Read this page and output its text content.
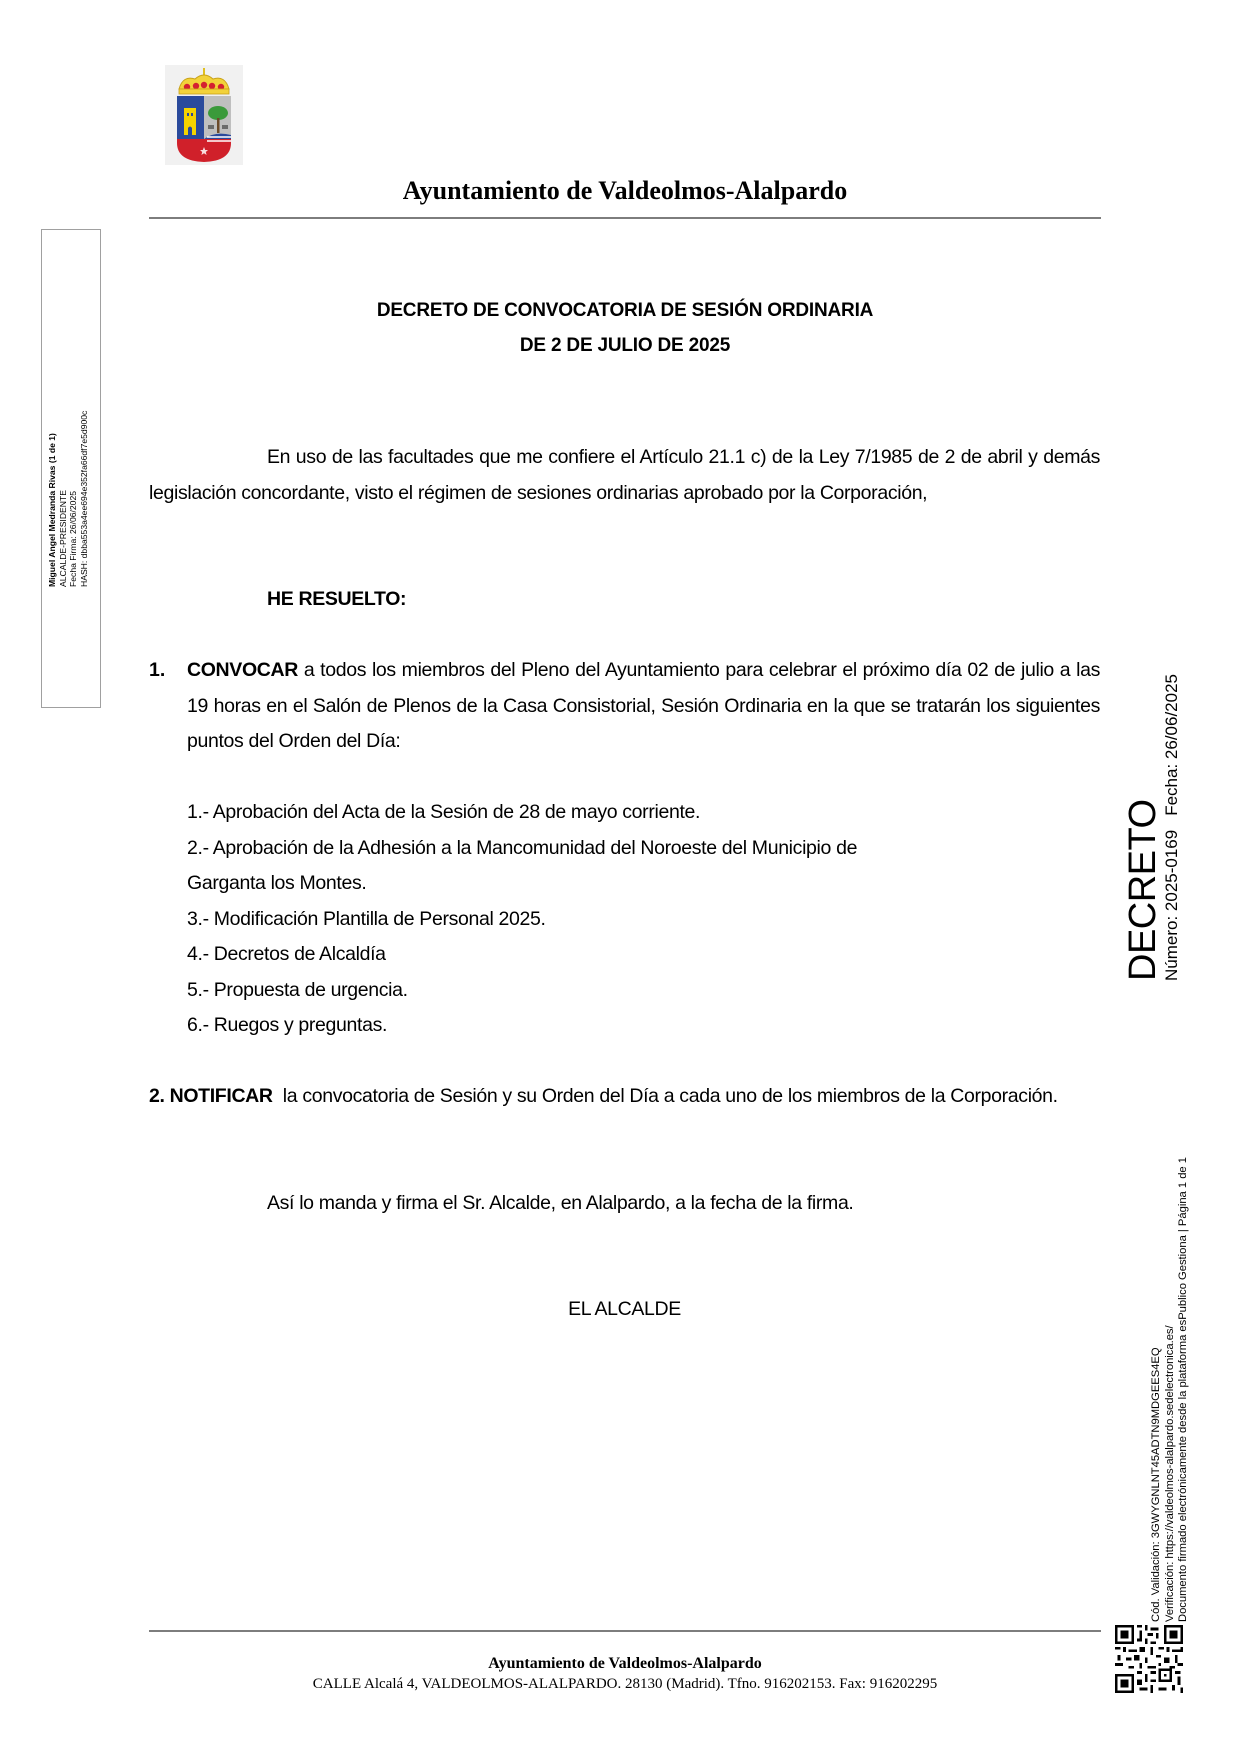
Ayuntamiento de Valdeolmos-Alalpardo
Miguel Angel Medranda Rivas (1 de 1) ALCALDE-PRESIDENTE Fecha Firma: 26/06/2025 HASH: dbba553a4ee694e352fa66df7e5d900c
DECRETO DE CONVOCATORIA DE SESIÓN ORDINARIA
DE 2 DE JULIO DE 2025
En uso de las facultades que me confiere el Artículo 21.1 c) de la Ley 7/1985 de 2 de abril y demás legislación concordante, visto el régimen de sesiones ordinarias aprobado por la Corporación,
HE RESUELTO:
1. CONVOCAR a todos los miembros del Pleno del Ayuntamiento para celebrar el próximo día 02 de julio a las 19 horas en el Salón de Plenos de la Casa Consistorial, Sesión Ordinaria en la que se tratarán los siguientes puntos del Orden del Día:
1.- Aprobación del Acta de la Sesión de 28 de mayo corriente.
2.- Aprobación de la Adhesión a la Mancomunidad del Noroeste del Municipio de
Garganta los Montes.
3.- Modificación Plantilla de Personal 2025.
4.- Decretos de Alcaldía
5.- Propuesta de urgencia.
6.- Ruegos y preguntas.
2. NOTIFICAR  la convocatoria de Sesión y su Orden del Día a cada uno de los miembros de la Corporación.
Así lo manda y firma el Sr. Alcalde, en Alalpardo, a la fecha de la firma.
EL ALCALDE
DECRETO
Número: 2025-0169Fecha: 26/06/2025
Cód. Validación: 3GWYGNLNT45ADTN9MDGEES4EQ Verificación: https://valdeolmos-alalpardo.sedelectronica.es/ Documento firmado electrónicamente desde la plataforma esPublico Gestiona | Página 1 de 1
Ayuntamiento de Valdeolmos-Alalpardo
CALLE Alcalá 4, VALDEOLMOS-ALALPARDO. 28130 (Madrid). Tfno. 916202153. Fax: 916202295
